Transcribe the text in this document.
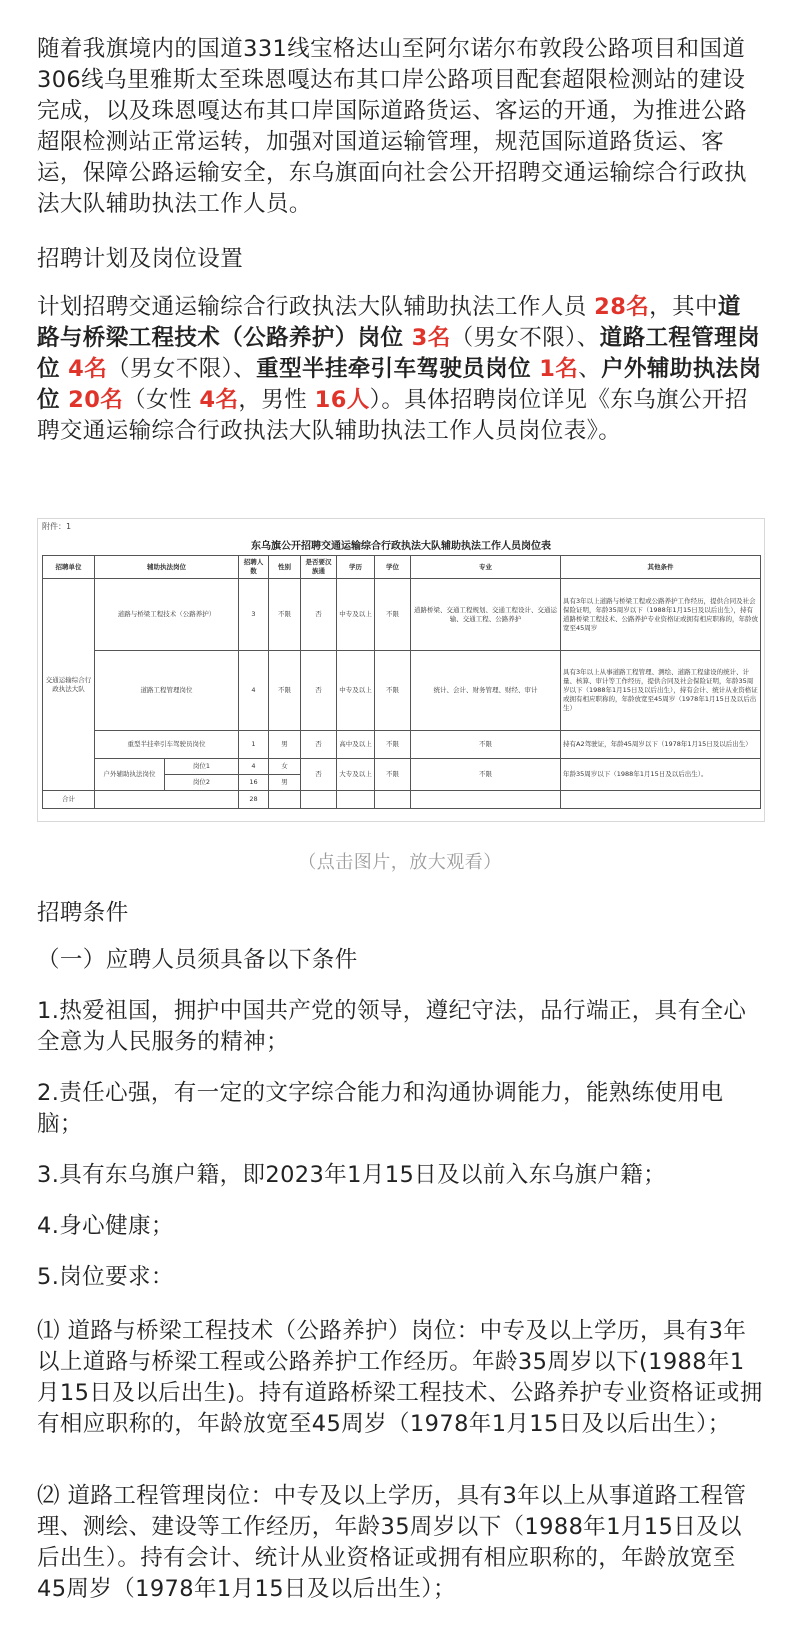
随着我旗境内的国道331线宝格达山至阿尔诺尔布敦段公路项目和国道306线乌里雅斯太至珠恩嘎达布其口岸公路项目配套超限检测站的建设完成，以及珠恩嘎达布其口岸国际道路货运、客运的开通，为推进公路超限检测站正常运转，加强对国道运输管理，规范国际道路货运、客运，保障公路运输安全，东乌旗面向社会公开招聘交通运输综合行政执法大队辅助执法工作人员。

招聘计划及岗位设置

计划招聘交通运输综合行政执法大队辅助执法工作人员 28名，其中道路与桥梁工程技术（公路养护）岗位 3名（男女不限）、道路工程管理岗位 4名（男女不限）、重型半挂牵引车驾驶员岗位 1名、户外辅助执法岗位 20名（女性 4名，男性 16人）。具体招聘岗位详见《东乌旗公开招聘交通运输综合行政执法大队辅助执法工作人员岗位表》。

附件：1
东乌旗公开招聘交通运输综合行政执法大队辅助执法工作人员岗位表
招聘单位	辅助执法岗位		招聘人数	性别	是否要汉族通	学历	学位	专业	其他条件
交通运输综合行政执法大队	道路与桥梁工程技术（公路养护）		3	不限	否	中专及以上	不限	道路桥梁、交通工程规划、交通工程设计、交通运输、交通工程、公路养护	具有3年以上道路与桥梁工程或公路养护工作经历，提供合同及社会保险证明，年龄35周岁以下（1988年1月15日及以后出生），持有道路桥梁工程技术、公路养护专业资格证或拥有相应职称的，年龄放宽至45周岁
	道路工程管理岗位		4	不限	否	中专及以上	不限	统计、会计、财务管理、财经、审计	具有3年以上从事道路工程管理、测绘、道路工程建设的统计、计量、核算、审计等工作经历，提供合同及社会保险证明，年龄35周岁以下（1988年1月15日及以后出生），持有会计、统计从业资格证或拥有相应职称的，年龄放宽至45周岁（1978年1月15日及以后出生）
	重型半挂牵引车驾驶员岗位		1	男	否	高中及以上	不限	不限	持有A2驾驶证，年龄45周岁以下（1978年1月15日及以后出生）
	户外辅助执法岗位	岗位1	4	女	否	大专及以上	不限	不限	年龄35周岁以下（1988年1月15日及以后出生）。
		岗位2	16	男					
合计			28						
（点击图片，放大观看）
招聘条件

（一）应聘人员须具备以下条件

1.热爱祖国，拥护中国共产党的领导，遵纪守法，品行端正，具有全心全意为人民服务的精神；

2.责任心强，有一定的文字综合能力和沟通协调能力，能熟练使用电脑；

3.具有东乌旗户籍，即2023年1月15日及以前入东乌旗户籍；

4.身心健康；

5.岗位要求：

⑴ 道路与桥梁工程技术（公路养护）岗位：中专及以上学历，具有3年以上道路与桥梁工程或公路养护工作经历。年龄35周岁以下(1988年1月15日及以后出生)。持有道路桥梁工程技术、公路养护专业资格证或拥有相应职称的，年龄放宽至45周岁（1978年1月15日及以后出生）；

⑵ 道路工程管理岗位：中专及以上学历，具有3年以上从事道路工程管理、测绘、建设等工作经历，年龄35周岁以下（1988年1月15日及以后出生）。持有会计、统计从业资格证或拥有相应职称的，年龄放宽至45周岁（1978年1月15日及以后出生）；
